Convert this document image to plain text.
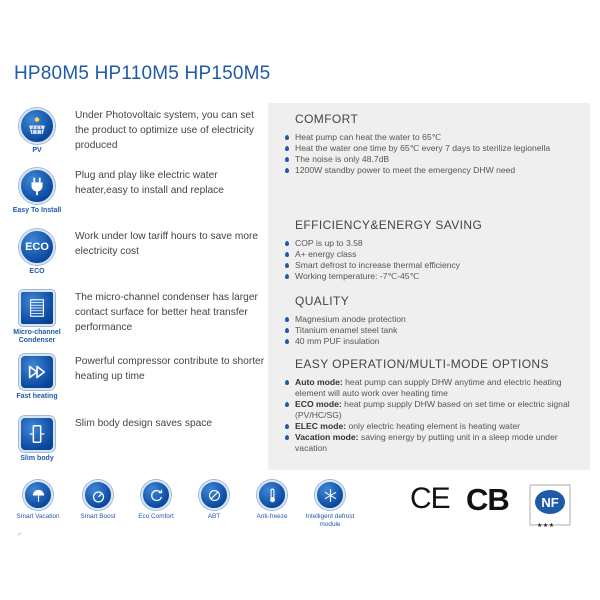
HP80M5 HP110M5 HP150M5
PV
Under Photovoltaic system, you can set the product to optimize use of electricity produced
Easy To Install
Plug and play like electric water heater,easy to install and replace
ECO
ECO
Work under low tariff hours to save more electricity cost
Micro-channel Condenser
The micro-channel condenser has larger contact surface for better heat transfer performance
Fast heating
Powerful compressor contribute to shorter heating up time
Slim body
Slim body design saves space
COMFORT
Heat pump can heat the water to 65℃
Heat the water one time by 65℃ every 7 days to sterilize legionella
The noise is only 48.7dB
1200W standby power to meet the emergency DHW need
EFFICIENCY&ENERGY SAVING
COP is up to 3.58
A+ energy class
Smart defrost to increase thermal efficiency
Working temperature: -7℃-45℃
QUALITY
Magnesium anode protection
Titanium enamel steel tank
40 mm PUF insulation
EASY OPERATION/MULTI-MODE OPTIONS
Auto mode: heat pump can supply DHW anytime and electric heating element will auto work over heating time
ECO mode: heat pump supply DHW based on set time or electric signal (PV/HC/SG)
ELEC mode: only electric heating element is heating water
Vacation mode: saving energy by putting unit in a sleep mode under vacation
Smart Vacation	Smart Boost	Eco Comfort	ABT	Anti-freeze	Intelligent defrost module
⌐
CE CB	NF
★★★
